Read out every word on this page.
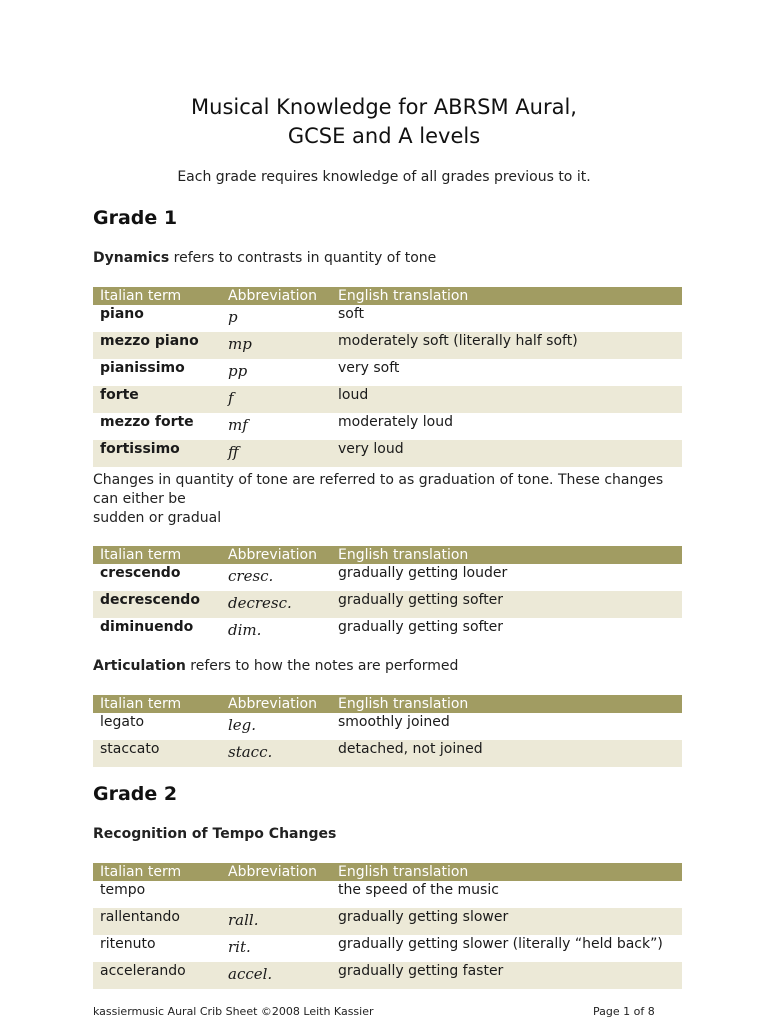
Musical Knowledge for ABRSM Aural,
GCSE and A levels
Each grade requires knowledge of all grades previous to it.
Grade 1
Dynamics refers to contrasts in quantity of tone
Italian term	Abbreviation	English translation
piano	p	soft
mezzo piano	mp	moderately soft (literally half soft)
pianissimo	pp	very soft
forte	f	loud
mezzo forte	mf	moderately loud
fortissimo	ff	very loud
Changes in quantity of tone are referred to as graduation of tone. These changes
can either be
sudden or gradual
Italian term	Abbreviation	English translation
crescendo	cresc.	gradually getting louder
decrescendo	decresc.	gradually getting softer
diminuendo	dim.	gradually getting softer
Articulation refers to how the notes are performed
Italian term	Abbreviation	English translation
legato	leg.	smoothly joined
staccato	stacc.	detached, not joined
Grade 2
Recognition of Tempo Changes
Italian term	Abbreviation	English translation
tempo		the speed of the music
rallentando	rall.	gradually getting slower
ritenuto	rit.	gradually getting slower (literally “held back”)
accelerando	accel.	gradually getting faster
kassiermusic Aural Crib Sheet ©2008 Leith Kassier	Page 1 of 8
